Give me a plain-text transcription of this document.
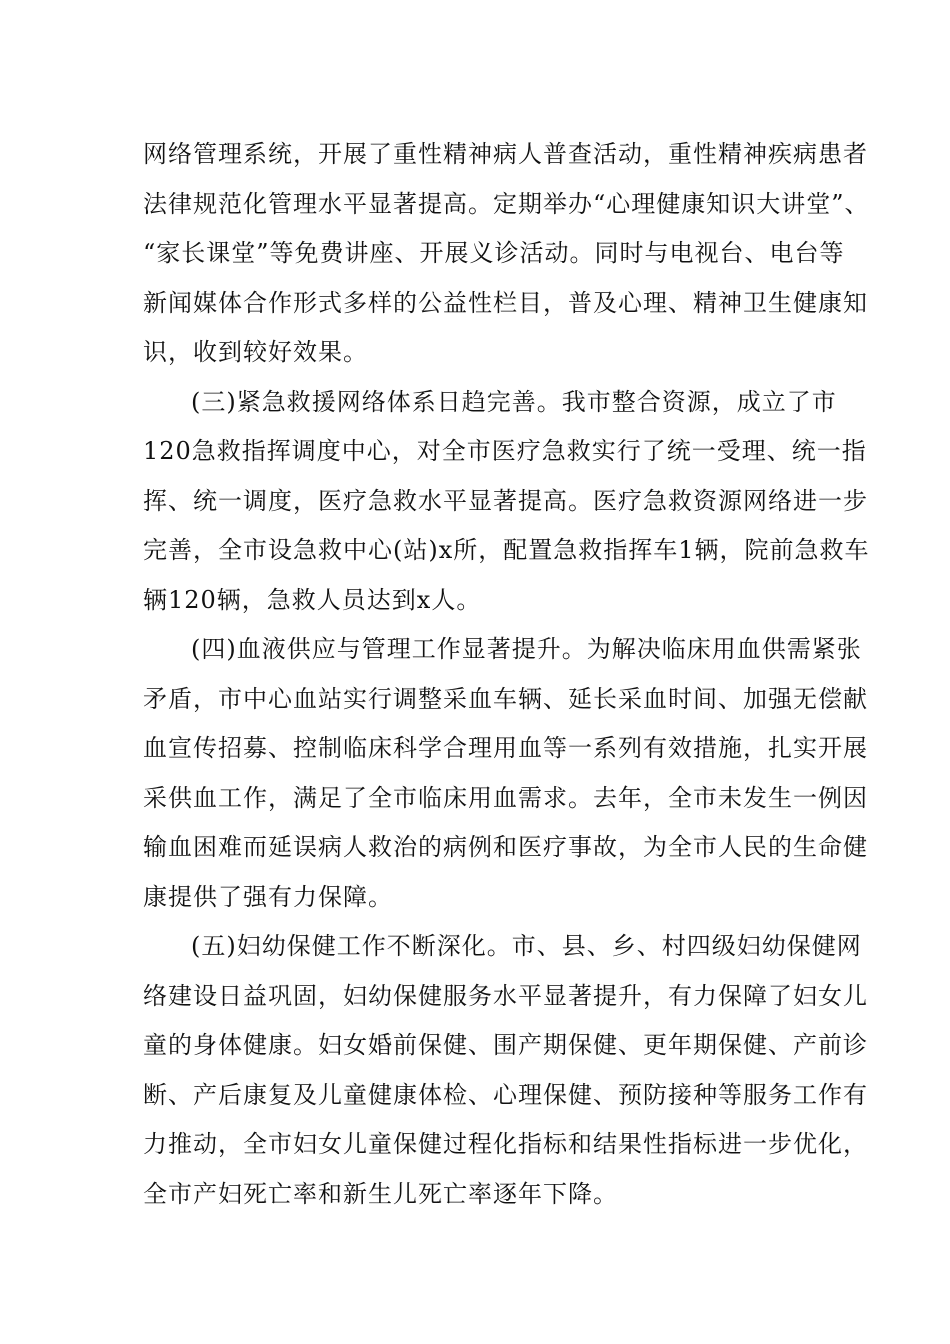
网络管理系统，开展了重性精神病人普查活动，重性精神疾病患者
法律规范化管理水平显著提高。定期举办“心理健康知识大讲堂”、
“家长课堂”等免费讲座、开展义诊活动。同时与电视台、电台等
新闻媒体合作形式多样的公益性栏目，普及心理、精神卫生健康知
识，收到较好效果。
(三)紧急救援网络体系日趋完善。我市整合资源，成立了市
120急救指挥调度中心，对全市医疗急救实行了统一受理、统一指
挥、统一调度，医疗急救水平显著提高。医疗急救资源网络进一步
完善，全市设急救中心(站)x所，配置急救指挥车1辆，院前急救车
辆120辆，急救人员达到x人。
(四)血液供应与管理工作显著提升。为解决临床用血供需紧张
矛盾，市中心血站实行调整采血车辆、延长采血时间、加强无偿献
血宣传招募、控制临床科学合理用血等一系列有效措施，扎实开展
采供血工作，满足了全市临床用血需求。去年，全市未发生一例因
输血困难而延误病人救治的病例和医疗事故，为全市人民的生命健
康提供了强有力保障。
(五)妇幼保健工作不断深化。市、县、乡、村四级妇幼保健网
络建设日益巩固，妇幼保健服务水平显著提升，有力保障了妇女儿
童的身体健康。妇女婚前保健、围产期保健、更年期保健、产前诊
断、产后康复及儿童健康体检、心理保健、预防接种等服务工作有
力推动，全市妇女儿童保健过程化指标和结果性指标进一步优化，
全市产妇死亡率和新生儿死亡率逐年下降。
